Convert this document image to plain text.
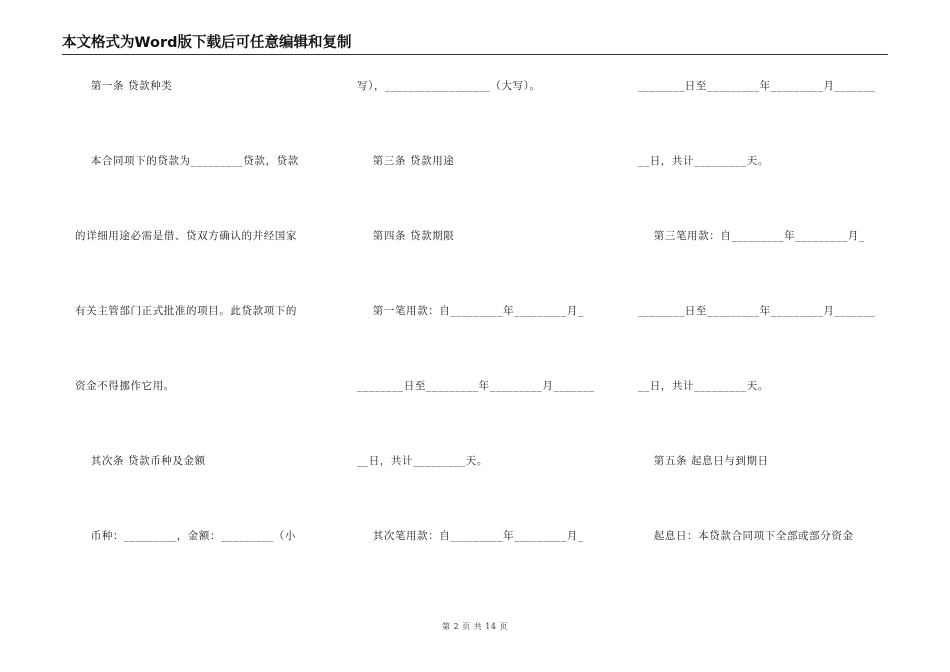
本文格式为Word版下载后可任意编辑和复制
第一条 贷款种类
本合同项下的贷款为_________贷款，贷款
的详细用途必需是借、贷双方确认的并经国家
有关主管部门正式批准的项目。此贷款项下的
资金不得挪作它用。
其次条 贷款币种及金额
币种：_________，金额：_________（小
写），__________________（大写）。
第三条 贷款用途
第四条 贷款期限
第一笔用款：自_________年_________月_
________日至_________年_________月_______
__日，共计_________天。
其次笔用款：自_________年_________月_
________日至_________年_________月_______
__日，共计_________天。
第三笔用款：自_________年_________月_
________日至_________年_________月_______
__日，共计_________天。
第五条 起息日与到期日
起息日：本贷款合同项下全部或部分资金
第 2 页 共 14 页
